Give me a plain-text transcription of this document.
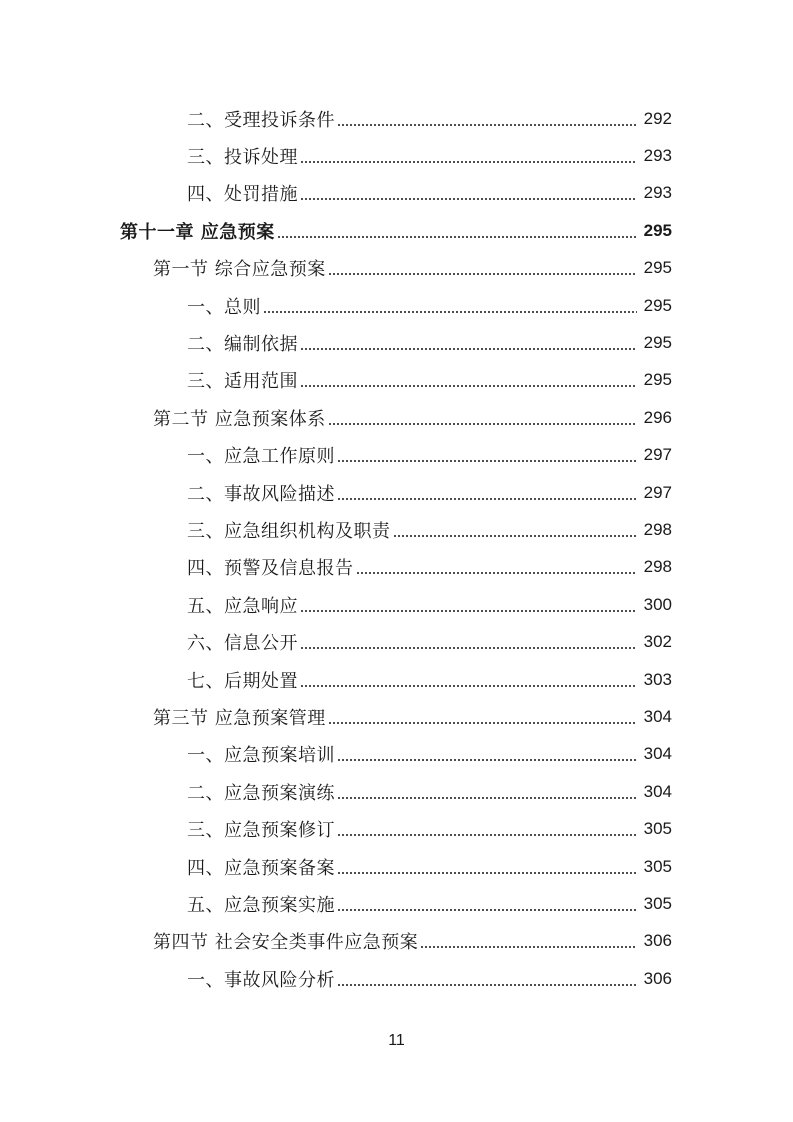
二、受理投诉条件	292
三、投诉处理	293
四、处罚措施	293
第十一章 应急预案	295
第一节 综合应急预案	295
一、总则	295
二、编制依据	295
三、适用范围	295
第二节 应急预案体系	296
一、应急工作原则	297
二、事故风险描述	297
三、应急组织机构及职责	298
四、预警及信息报告	298
五、应急响应	300
六、信息公开	302
七、后期处置	303
第三节 应急预案管理	304
一、应急预案培训	304
二、应急预案演练	304
三、应急预案修订	305
四、应急预案备案	305
五、应急预案实施	305
第四节 社会安全类事件应急预案	306
一、事故风险分析	306
11
